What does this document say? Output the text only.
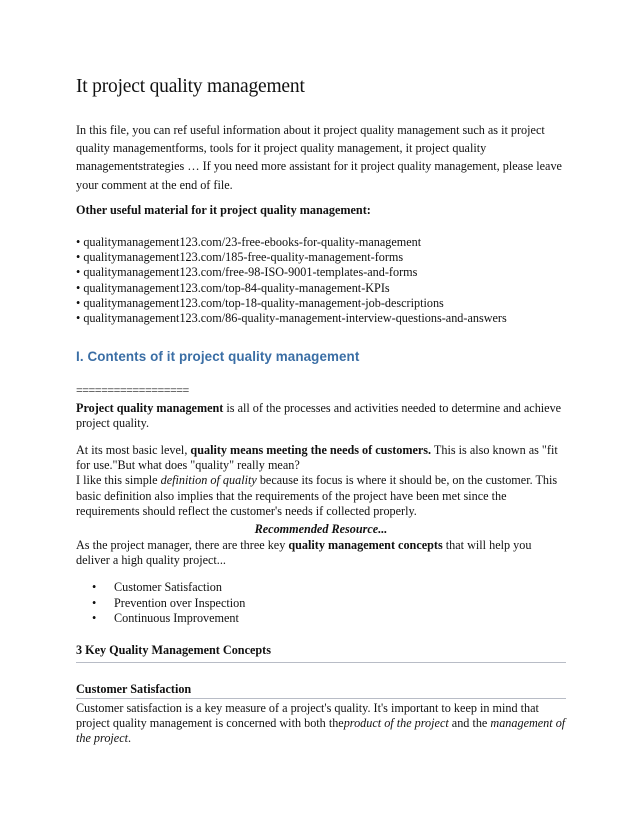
It project quality management
In this file, you can ref useful information about it project quality management such as it project quality managementforms, tools for it project quality management, it project quality managementstrategies … If you need more assistant for it project quality management, please leave your comment at the end of file.
Other useful material for it project quality management:
• qualitymanagement123.com/23-free-ebooks-for-quality-management
• qualitymanagement123.com/185-free-quality-management-forms
• qualitymanagement123.com/free-98-ISO-9001-templates-and-forms
• qualitymanagement123.com/top-84-quality-management-KPIs
• qualitymanagement123.com/top-18-quality-management-job-descriptions
• qualitymanagement123.com/86-quality-management-interview-questions-and-answers
I. Contents of it project quality management
==================
Project quality management is all of the processes and activities needed to determine and achieve project quality.
At its most basic level, quality means meeting the needs of customers. This is also known as "fit for use."But what does "quality" really mean?
I like this simple definition of quality because its focus is where it should be, on the customer. This basic definition also implies that the requirements of the project have been met since the requirements should reflect the customer's needs if collected properly.
Recommended Resource...
As the project manager, there are three key quality management concepts that will help you deliver a high quality project...
• Customer Satisfaction
• Prevention over Inspection
• Continuous Improvement
3 Key Quality Management Concepts
Customer Satisfaction
Customer satisfaction is a key measure of a project's quality. It's important to keep in mind that project quality management is concerned with both theproduct of the project and the management of the project.
